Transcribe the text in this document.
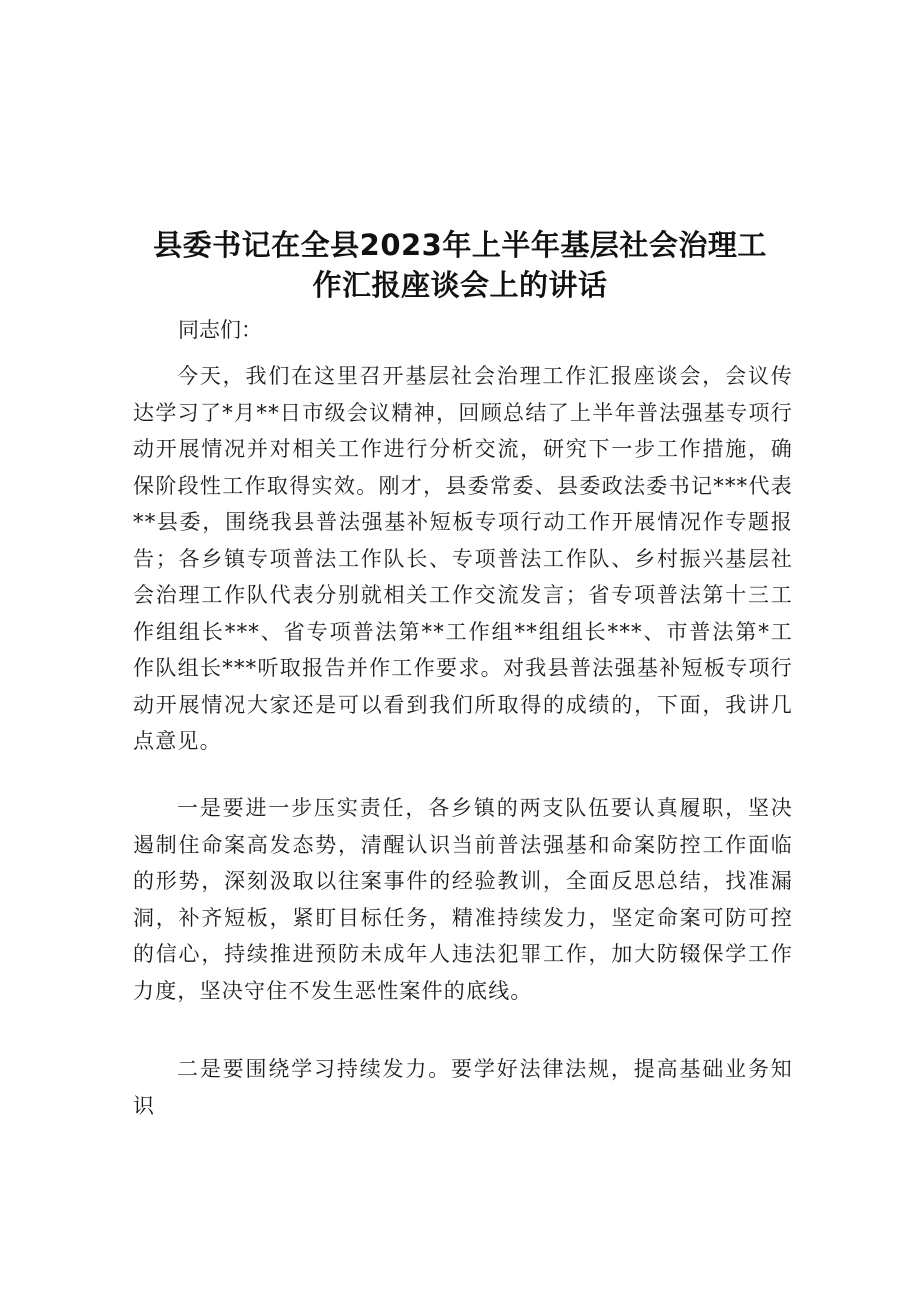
县委书记在全县2023年上半年基层社会治理工
作汇报座谈会上的讲话

同志们：

今天，我们在这里召开基层社会治理工作汇报座谈会，会议传达学习了*月**日市级会议精神，回顾总结了上半年普法强基专项行动开展情况并对相关工作进行分析交流，研究下一步工作措施，确保阶段性工作取得实效。刚才，县委常委、县委政法委书记***代表**县委，围绕我县普法强基补短板专项行动工作开展情况作专题报告；各乡镇专项普法工作队长、专项普法工作队、乡村振兴基层社会治理工作队代表分别就相关工作交流发言；省专项普法第十三工作组组长***、省专项普法第**工作组**组组长***、市普法第*工作队组长***听取报告并作工作要求。对我县普法强基补短板专项行动开展情况大家还是可以看到我们所取得的成绩的，下面，我讲几点意见。

一是要进一步压实责任，各乡镇的两支队伍要认真履职，坚决遏制住命案高发态势，清醒认识当前普法强基和命案防控工作面临的形势，深刻汲取以往案事件的经验教训，全面反思总结，找准漏洞，补齐短板，紧盯目标任务，精准持续发力，坚定命案可防可控的信心，持续推进预防未成年人违法犯罪工作，加大防辍保学工作力度，坚决守住不发生恶性案件的底线。

二是要围绕学习持续发力。要学好法律法规，提高基础业务知识
